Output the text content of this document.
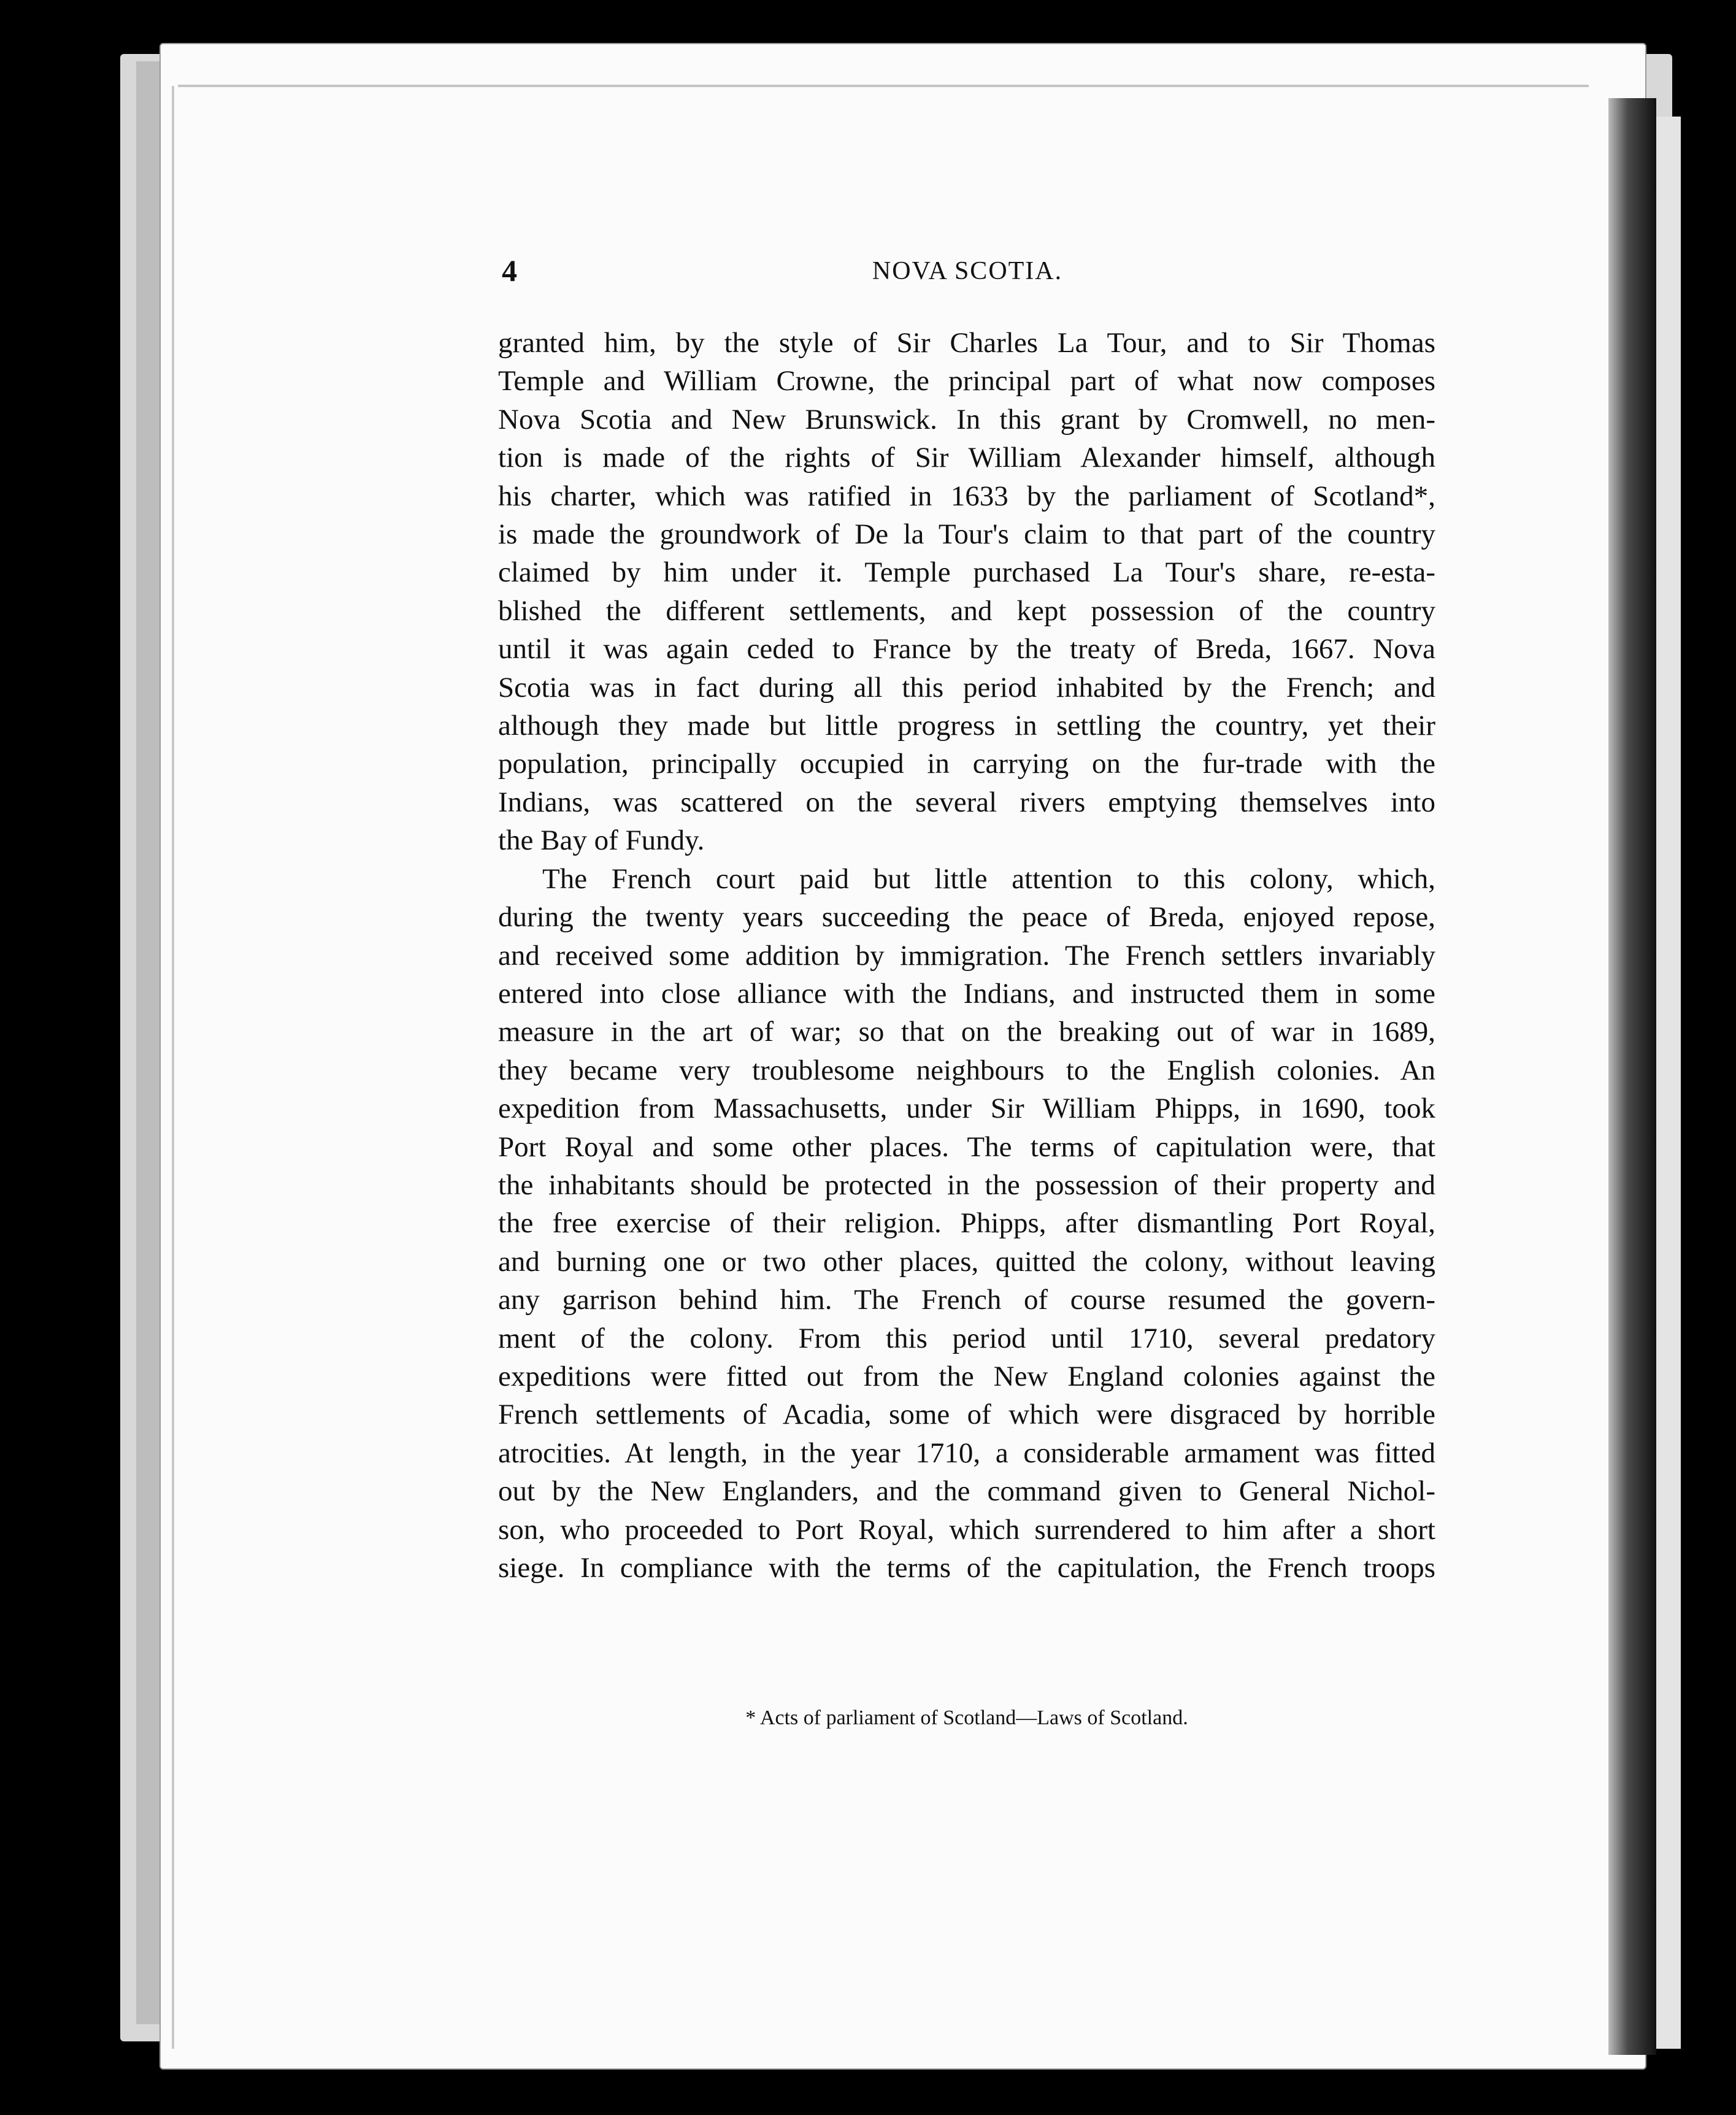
4	NOVA SCOTIA.
granted him, by the style of Sir Charles La Tour, and to Sir Thomas
Temple and William Crowne, the principal part of what now composes
Nova Scotia and New Brunswick. In this grant by Cromwell, no men-
tion is made of the rights of Sir William Alexander himself, although
his charter, which was ratified in 1633 by the parliament of Scotland*,
is made the groundwork of De la Tour's claim to that part of the country
claimed by him under it. Temple purchased La Tour's share, re-esta-
blished the different settlements, and kept possession of the country
until it was again ceded to France by the treaty of Breda, 1667. Nova
Scotia was in fact during all this period inhabited by the French; and
although they made but little progress in settling the country, yet their
population, principally occupied in carrying on the fur-trade with the
Indians, was scattered on the several rivers emptying themselves into
the Bay of Fundy.
The French court paid but little attention to this colony, which,
during the twenty years succeeding the peace of Breda, enjoyed repose,
and received some addition by immigration. The French settlers invariably
entered into close alliance with the Indians, and instructed them in some
measure in the art of war; so that on the breaking out of war in 1689,
they became very troublesome neighbours to the English colonies. An
expedition from Massachusetts, under Sir William Phipps, in 1690, took
Port Royal and some other places. The terms of capitulation were, that
the inhabitants should be protected in the possession of their property and
the free exercise of their religion. Phipps, after dismantling Port Royal,
and burning one or two other places, quitted the colony, without leaving
any garrison behind him. The French of course resumed the govern-
ment of the colony. From this period until 1710, several predatory
expeditions were fitted out from the New England colonies against the
French settlements of Acadia, some of which were disgraced by horrible
atrocities. At length, in the year 1710, a considerable armament was fitted
out by the New Englanders, and the command given to General Nichol-
son, who proceeded to Port Royal, which surrendered to him after a short
siege. In compliance with the terms of the capitulation, the French troops
* Acts of parliament of Scotland—Laws of Scotland.
